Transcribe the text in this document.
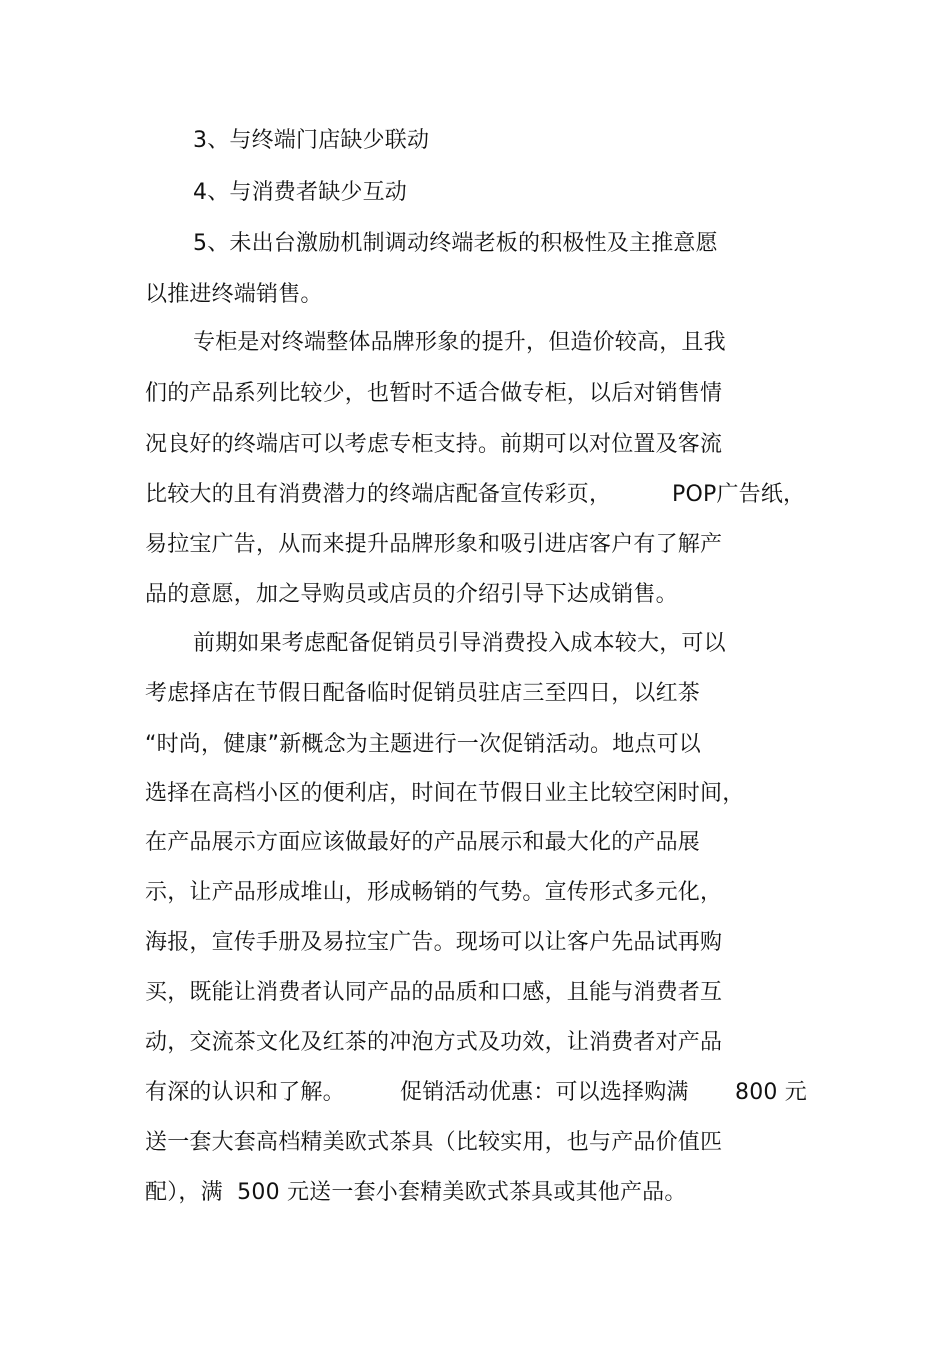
3、与终端门店缺少联动
4、与消费者缺少互动
5、未出台激励机制调动终端老板的积极性及主推意愿
以推进终端销售。
专柜是对终端整体品牌形象的提升，但造价较高，且我
们的产品系列比较少，也暂时不适合做专柜，以后对销售情
况良好的终端店可以考虑专柜支持。前期可以对位置及客流
比较大的且有消费潜力的终端店配备宣传彩页，	POP广告纸，
易拉宝广告，从而来提升品牌形象和吸引进店客户有了解产
品的意愿，加之导购员或店员的介绍引导下达成销售。
前期如果考虑配备促销员引导消费投入成本较大，可以
考虑择店在节假日配备临时促销员驻店三至四日，以红茶
“时尚，健康”新概念为主题进行一次促销活动。地点可以
选择在高档小区的便利店，时间在节假日业主比较空闲时间，
在产品展示方面应该做最好的产品展示和最大化的产品展
示，让产品形成堆山，形成畅销的气势。宣传形式多元化，
海报，宣传手册及易拉宝广告。现场可以让客户先品试再购
买，既能让消费者认同产品的品质和口感，且能与消费者互
动，交流茶文化及红茶的冲泡方式及功效，让消费者对产品
有深的认识和了解。	促销活动优惠：可以选择购满 800 元
送一套大套高档精美欧式茶具（比较实用，也与产品价值匹
配），满  500 元送一套小套精美欧式茶具或其他产品。
